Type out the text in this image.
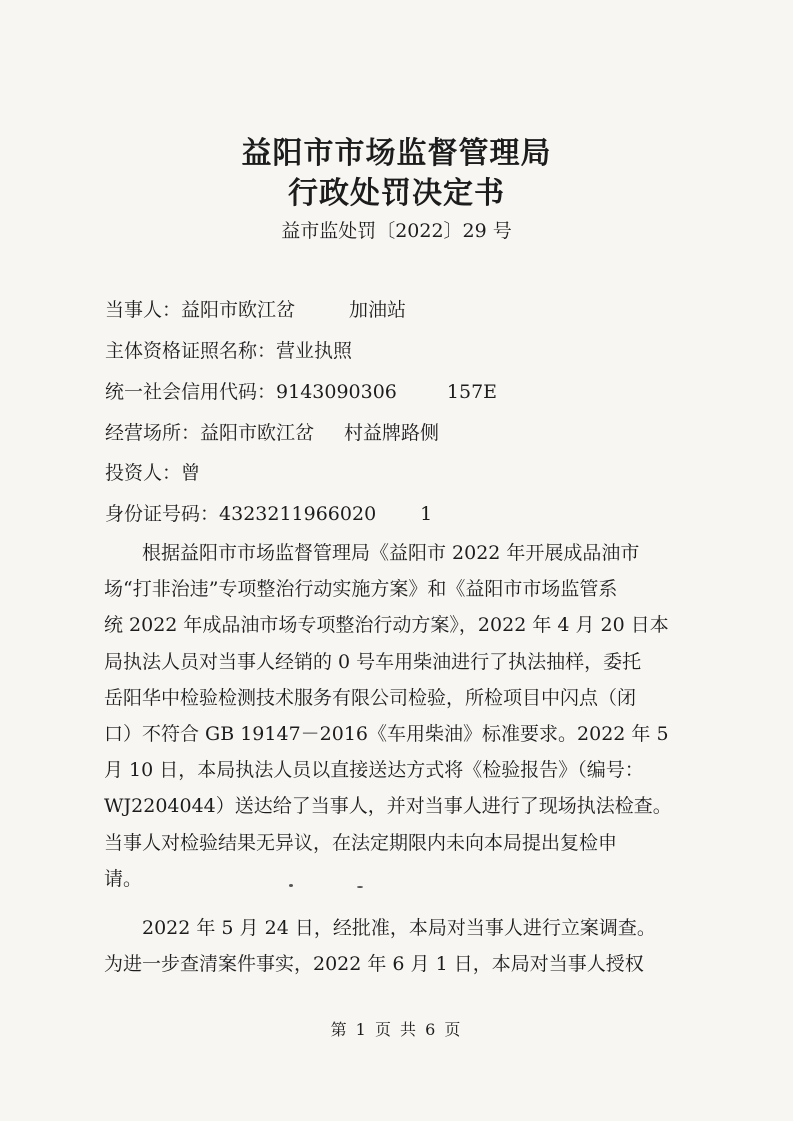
益阳市市场监督管理局
行政处罚决定书
益市监处罚〔2022〕29 号
当事人：益阳市欧江岔	加油站
主体资格证照名称：营业执照
统一社会信用代码：9143090306	157E
经营场所：益阳市欧江岔 村益牌路侧
投资人：曾
身份证号码：4323211966020 1
　　根据益阳市市场监督管理局《益阳市 2022 年开展成品油市
场“打非治违”专项整治行动实施方案》和《益阳市市场监管系
统 2022 年成品油市场专项整治行动方案》，2022 年 4 月 20 日本
局执法人员对当事人经销的 0 号车用柴油进行了执法抽样，委托
岳阳华中检验检测技术服务有限公司检验，所检项目中闪点（闭
口）不符合 GB 19147－2016《车用柴油》标准要求。2022 年 5
月 10 日，本局执法人员以直接送达方式将《检验报告》（编号：
WJ2204044）送达给了当事人，并对当事人进行了现场执法检查。
当事人对检验结果无异议，在法定期限内未向本局提出复检申
请。
　　2022 年 5 月 24 日，经批准，本局对当事人进行立案调查。
为进一步查清案件事实，2022 年 6 月 1 日，本局对当事人授权
第 1 页 共 6 页
